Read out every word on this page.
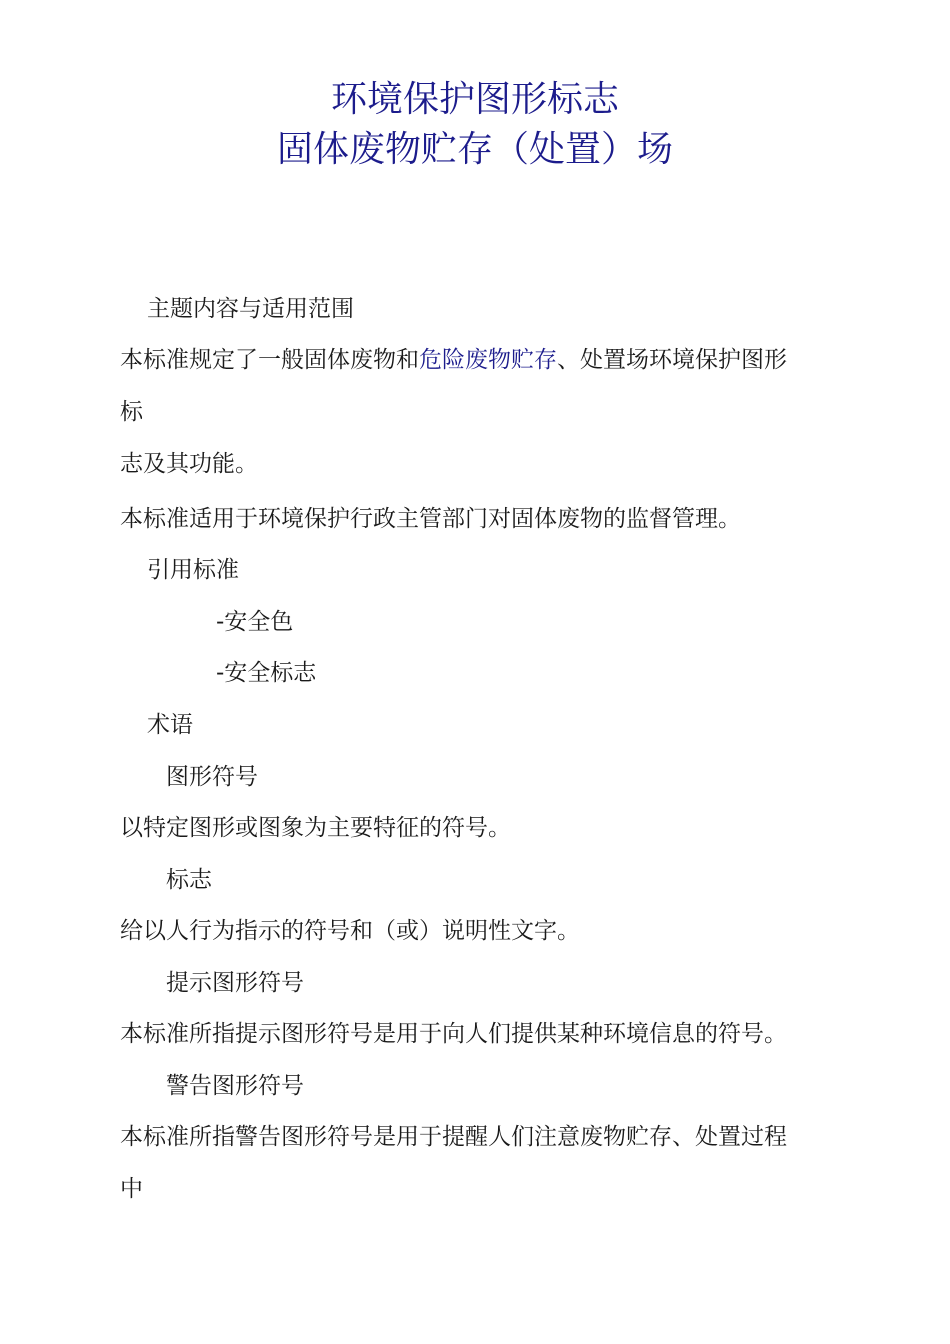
环境保护图形标志
固体废物贮存（处置）场

主题内容与适用范围

本标准规定了一般固体废物和危险废物贮存、处置场环境保护图形

标

志及其功能。

本标准适用于环境保护行政主管部门对固体废物的监督管理。

引用标准

-安全色

-安全标志

术语

图形符号

以特定图形或图象为主要特征的符号。

标志

给以人行为指示的符号和（或）说明性文字。

提示图形符号

本标准所指提示图形符号是用于向人们提供某种环境信息的符号。

警告图形符号

本标准所指警告图形符号是用于提醒人们注意废物贮存、处置过程

中
